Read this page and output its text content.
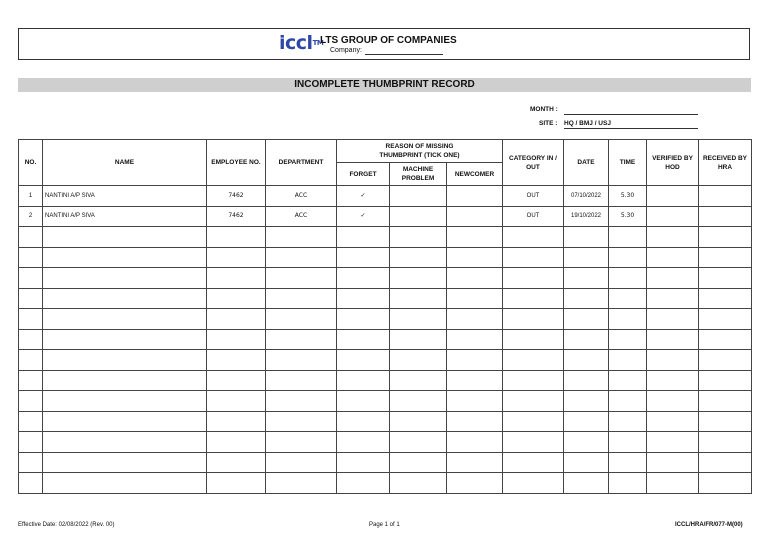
iccl™
LTS GROUP OF COMPANIES
Company:
INCOMPLETE THUMBPRINT RECORD
MONTH :
SITE : HQ / BMJ / USJ
NO.	NAME	EMPLOYEE NO.	DEPARTMENT	REASON OF MISSING THUMBPRINT (TICK ONE)			CATEGORY IN / OUT	DATE	TIME	VERIFIED BY HOD	RECEIVED BY HRA
				FORGET	MACHINE PROBLEM	NEWCOMER					
1	NANTINI A/P SIVA	7462	ACC	✓			OUT	07/10/2022	5.30		
2	NANTINI A/P SIVA	7462	ACC	✓			OUT	19/10/2022	5.30		

Effective Date: 02/08/2022 (Rev. 00)	Page 1 of 1	ICCL/HRA/FR/077-M(00)
